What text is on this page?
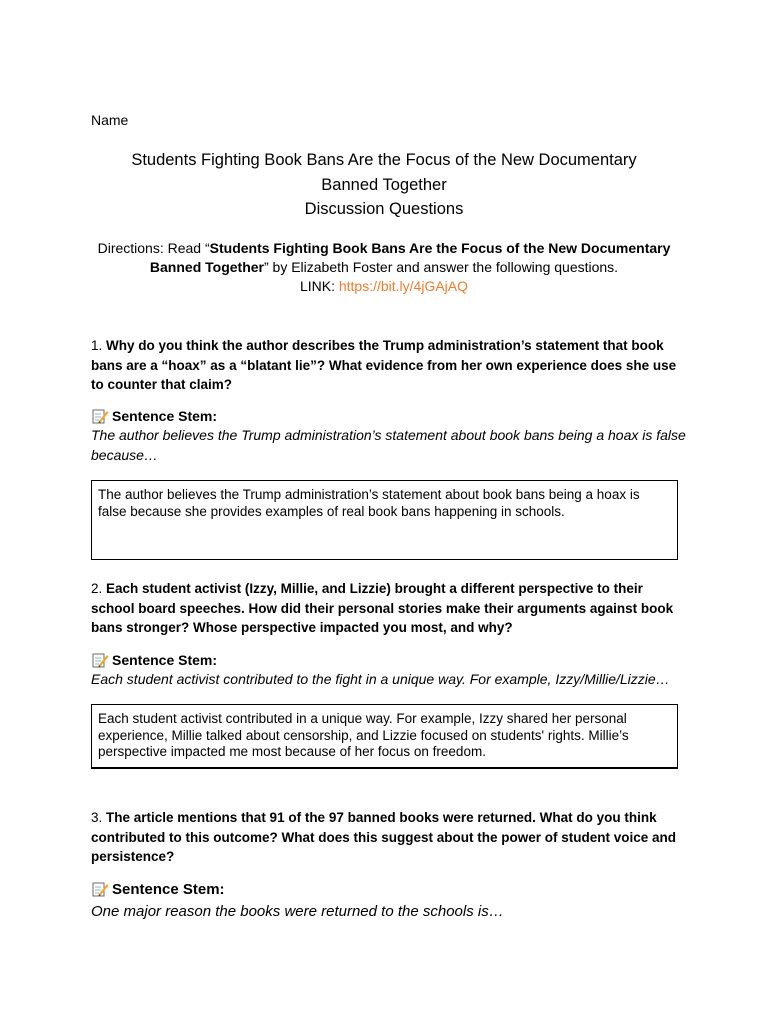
Name
Students Fighting Book Bans Are the Focus of the New Documentary
Banned Together
Discussion Questions
Directions: Read “Students Fighting Book Bans Are the Focus of the New Documentary
Banned Together” by Elizabeth Foster and answer the following questions.
LINK: https://bit.ly/4jGAjAQ
1. Why do you think the author describes the Trump administration’s statement that book bans are a “hoax” as a “blatant lie”? What evidence from her own experience does she use to counter that claim?
Sentence Stem:
The author believes the Trump administration’s statement about book bans being a hoax is false because…
The author believes the Trump administration’s statement about book bans being a hoax is false because she provides examples of real book bans happening in schools.
2. Each student activist (Izzy, Millie, and Lizzie) brought a different perspective to their school board speeches. How did their personal stories make their arguments against book bans stronger? Whose perspective impacted you most, and why?
Sentence Stem:
Each student activist contributed to the fight in a unique way. For example, Izzy/Millie/Lizzie…
Each student activist contributed in a unique way. For example, Izzy shared her personal experience, Millie talked about censorship, and Lizzie focused on students' rights. Millie’s perspective impacted me most because of her focus on freedom.
3. The article mentions that 91 of the 97 banned books were returned. What do you think contributed to this outcome? What does this suggest about the power of student voice and persistence?
Sentence Stem:
One major reason the books were returned to the schools is…
